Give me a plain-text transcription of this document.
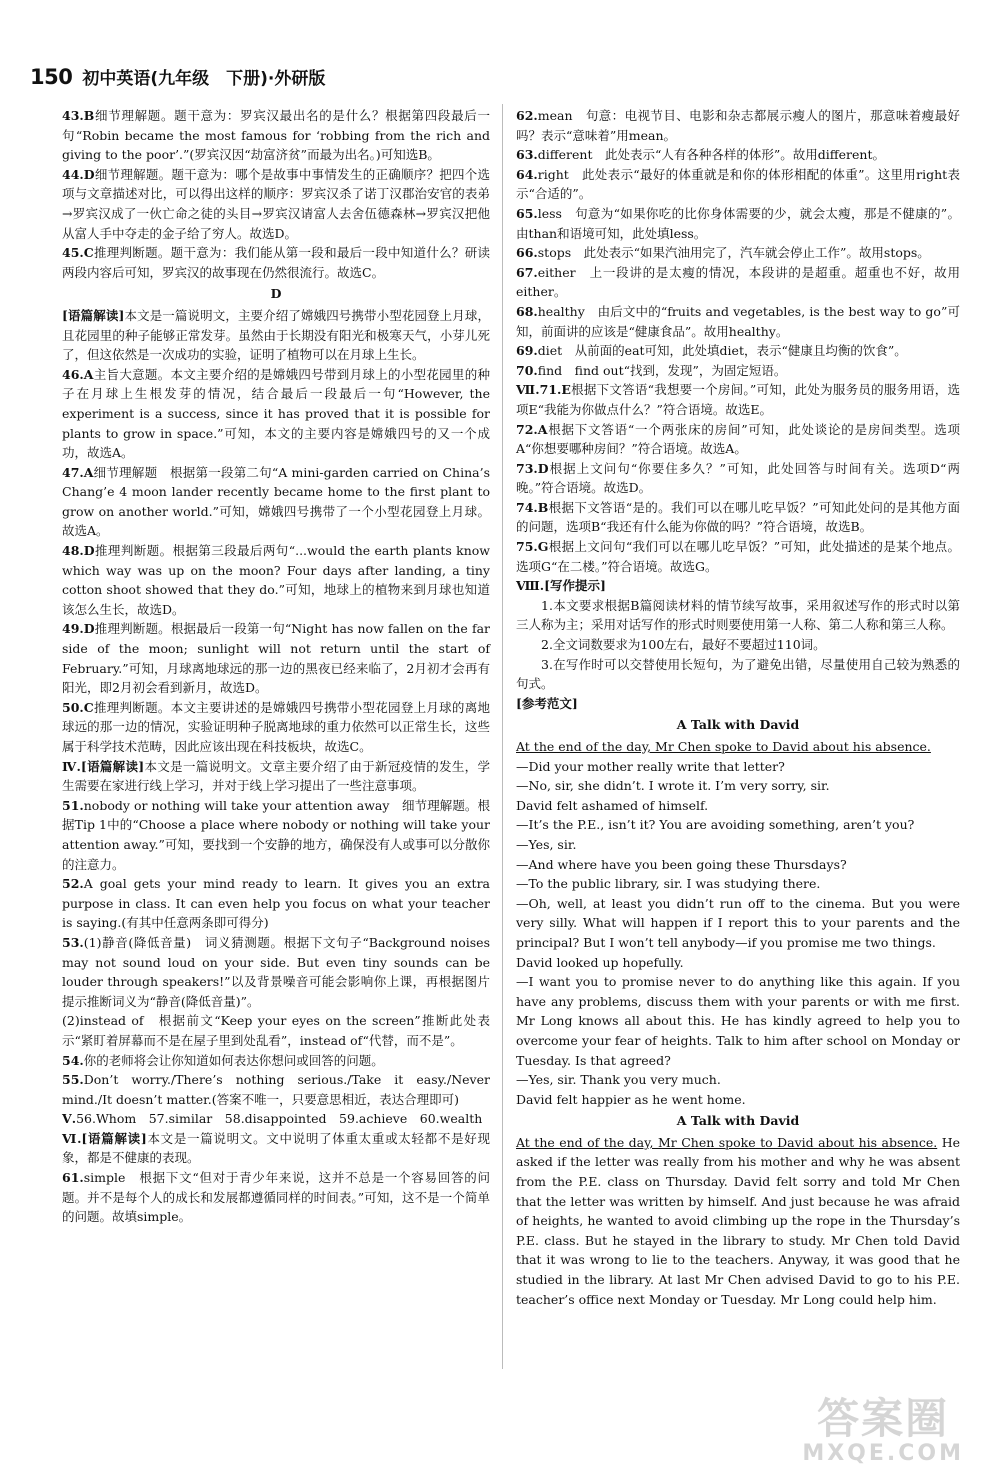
150 初中英语(九年级　下册)·外研版

43.B细节理解题。题干意为：罗宾汉最出名的是什么？根据第四段最后一句“Robin became the most famous for ‘robbing from the rich and giving to the poor’.”(罗宾汉因“劫富济贫”而最为出名。)可知选B。

44.D细节理解题。题干意为：哪个是故事中事情发生的正确顺序？把四个选项与文章描述对比，可以得出这样的顺序：罗宾汉杀了诺丁汉郡治安官的表弟→罗宾汉成了一伙亡命之徒的头目→罗宾汉请富人去舍伍德森林→罗宾汉把他从富人手中夺走的金子给了穷人。故选D。

45.C推理判断题。题干意为：我们能从第一段和最后一段中知道什么？研读两段内容后可知，罗宾汉的故事现在仍然很流行。故选C。

D

[语篇解读]本文是一篇说明文，主要介绍了嫦娥四号携带小型花园登上月球，且花园里的种子能够正常发芽。虽然由于长期没有阳光和极寒天气，小芽儿死了，但这依然是一次成功的实验，证明了植物可以在月球上生长。

46.A主旨大意题。本文主要介绍的是嫦娥四号带到月球上的小型花园里的种子在月球上生根发芽的情况，结合最后一段最后一句“However, the experiment is a success, since it has proved that it is possible for plants to grow in space.”可知，本文的主要内容是嫦娥四号的又一个成功，故选A。

47.A细节理解题　根据第一段第二句“A mini-garden carried on China’s Chang’e 4 moon lander recently became home to the first plant to grow on another world.”可知，嫦娥四号携带了一个小型花园登上月球。故选A。

48.D推理判断题。根据第三段最后两句“...would the earth plants know which way was up on the moon? Four days after landing, a tiny cotton shoot showed that they do.”可知，地球上的植物来到月球也知道该怎么生长，故选D。

49.D推理判断题。根据最后一段第一句“Night has now fallen on the far side of the moon; sunlight will not return until the start of February.”可知，月球离地球远的那一边的黑夜已经来临了，2月初才会再有阳光，即2月初会看到新月，故选D。

50.C推理判断题。本文主要讲述的是嫦娥四号携带小型花园登上月球的离地球远的那一边的情况，实验证明种子脱离地球的重力依然可以正常生长，这些属于科学技术范畴，因此应该出现在科技板块，故选C。

Ⅳ.[语篇解读]本文是一篇说明文。文章主要介绍了由于新冠疫情的发生，学生需要在家进行线上学习，并对于线上学习提出了一些注意事项。

51.nobody or nothing will take your attention away　细节理解题。根据Tip 1中的“Choose a place where nobody or nothing will take your attention away.”可知，要找到一个安静的地方，确保没有人或事可以分散你的注意力。

52.A goal gets your mind ready to learn. It gives you an extra purpose in class. It can even help you focus on what your teacher is saying.(有其中任意两条即可得分)

53.(1)静音(降低音量)　词义猜测题。根据下文句子“Background noises may not sound loud on your side. But even tiny sounds can be louder through speakers!”以及背景噪音可能会影响你上课，再根据图片提示推断词义为“静音(降低音量)”。

(2)instead of　根据前文“Keep your eyes on the screen”推断此处表示“紧盯着屏幕而不是在屋子里到处乱看”，instead of“代替，而不是”。

54.你的老师将会让你知道如何表达你想问或回答的问题。

55.Don’t worry./There’s nothing serious./Take it easy./Never mind./It doesn’t matter.(答案不唯一，只要意思相近，表达合理即可)

Ⅴ.56.Whom　57.similar　58.disappointed　59.achieve　60.wealth

Ⅵ.[语篇解读]本文是一篇说明文。文中说明了体重太重或太轻都不是好现象，都是不健康的表现。

61.simple　根据下文“但对于青少年来说，这并不总是一个容易回答的问题。并不是每个人的成长和发展都遵循同样的时间表。”可知，这不是一个简单的问题。故填simple。

62.mean　句意：电视节目、电影和杂志都展示瘦人的图片，那意味着瘦最好吗？表示“意味着”用mean。

63.different　此处表示“人有各种各样的体形”。故用different。

64.right　此处表示“最好的体重就是和你的体形相配的体重”。这里用right表示“合适的”。

65.less　句意为“如果你吃的比你身体需要的少，就会太瘦，那是不健康的”。由than和语境可知，此处填less。

66.stops　此处表示“如果汽油用完了，汽车就会停止工作”。故用stops。

67.either　上一段讲的是太瘦的情况，本段讲的是超重。超重也不好，故用either。

68.healthy　由后文中的“fruits and vegetables, is the best way to go”可知，前面讲的应该是“健康食品”。故用healthy。

69.diet　从前面的eat可知，此处填diet，表示“健康且均衡的饮食”。

70.find　find out“找到，发现”，为固定短语。

Ⅶ.71.E根据下文答语“我想要一个房间。”可知，此处为服务员的服务用语，选项E“我能为你做点什么？”符合语境。故选E。

72.A根据下文答语“一个两张床的房间”可知，此处谈论的是房间类型。选项A“你想要哪种房间？”符合语境。故选A。

73.D根据上文问句“你要住多久？”可知，此处回答与时间有关。选项D“两晚。”符合语境。故选D。

74.B根据下文答语“是的。我们可以在哪儿吃早饭？”可知此处问的是其他方面的问题，选项B“我还有什么能为你做的吗？”符合语境，故选B。

75.G根据上文问句“我们可以在哪儿吃早饭？”可知，此处描述的是某个地点。选项G“在二楼。”符合语境。故选G。

Ⅷ.[写作提示]

1.本文要求根据B篇阅读材料的情节续写故事，采用叙述写作的形式时以第三人称为主；采用对话写作的形式时则要使用第一人称、第二人称和第三人称。

2.全文词数要求为100左右，最好不要超过110词。

3.在写作时可以交替使用长短句，为了避免出错，尽量使用自己较为熟悉的句式。

[参考范文]

A Talk with David

At the end of the day, Mr Chen spoke to David about his absence.

—Did your mother really write that letter?

—No, sir, she didn’t. I wrote it. I’m very sorry, sir.

David felt ashamed of himself.

—It’s the P.E., isn’t it? You are avoiding something, aren’t you?

—Yes, sir.

—And where have you been going these Thursdays?

—To the public library, sir. I was studying there.

—Oh, well, at least you didn’t run off to the cinema. But you were very silly. What will happen if I report this to your parents and the principal? But I won’t tell anybody—if you promise me two things.

David looked up hopefully.

—I want you to promise never to do anything like this again. If you have any problems, discuss them with your parents or with me first. Mr Long knows all about this. He has kindly agreed to help you to overcome your fear of heights. Talk to him after school on Monday or Tuesday. Is that agreed?

—Yes, sir. Thank you very much.

David felt happier as he went home.

A Talk with David

At the end of the day, Mr Chen spoke to David about his absence. He asked if the letter was really from his mother and why he was absent from the P.E. class on Thursday. David felt sorry and told Mr Chen that the letter was written by himself. And just because he was afraid of heights, he wanted to avoid climbing up the rope in the Thursday’s P.E. class. But he stayed in the library to study. Mr Chen told David that it was wrong to lie to the teachers. Anyway, it was good that he studied in the library. At last Mr Chen advised David to go to his P.E. teacher’s office next Monday or Tuesday. Mr Long could help him.

答案圈
MXQE.COM
